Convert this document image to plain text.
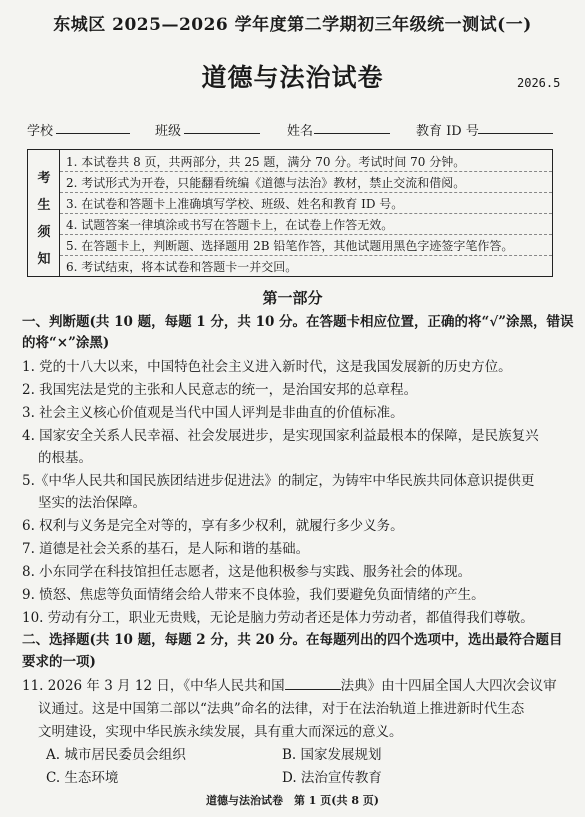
东城区 2025—2026 学年度第二学期初三年级统一测试(一)
道德与法治试卷	2026.5
学校	班级	姓名	教育 ID 号
考
生
须
知
1. 本试卷共 8 页，共两部分，共 25 题，满分 70 分。考试时间 70 分钟。
2. 考试形式为开卷，只能翻看统编《道德与法治》教材，禁止交流和借阅。
3. 在试卷和答题卡上准确填写学校、班级、姓名和教育 ID 号。
4. 试题答案一律填涂或书写在答题卡上，在试卷上作答无效。
5. 在答题卡上，判断题、选择题用 2B 铅笔作答，其他试题用黑色字迹签字笔作答。
6. 考试结束，将本试卷和答题卡一并交回。
第一部分
一、判断题(共 10 题，每题 1 分，共 10 分。在答题卡相应位置，正确的将“√”涂黑，错误
的将“×”涂黑)
1. 党的十八大以来，中国特色社会主义进入新时代，这是我国发展新的历史方位。
2. 我国宪法是党的主张和人民意志的统一，是治国安邦的总章程。
3. 社会主义核心价值观是当代中国人评判是非曲直的价值标准。
4. 国家安全关系人民幸福、社会发展进步，是实现国家利益最根本的保障，是民族复兴
的根基。
5.《中华人民共和国民族团结进步促进法》的制定，为铸牢中华民族共同体意识提供更
坚实的法治保障。
6. 权利与义务是完全对等的，享有多少权利，就履行多少义务。
7. 道德是社会关系的基石，是人际和谐的基础。
8. 小东同学在科技馆担任志愿者，这是他积极参与实践、服务社会的体现。
9. 愤怒、焦虑等负面情绪会给人带来不良体验，我们要避免负面情绪的产生。
10. 劳动有分工，职业无贵贱，无论是脑力劳动者还是体力劳动者，都值得我们尊敬。
二、选择题(共 10 题，每题 2 分，共 20 分。在每题列出的四个选项中，选出最符合题目
要求的一项)
11. 2026 年 3 月 12 日，《中华人民共和国	法典》由十四届全国人大四次会议审
议通过。这是中国第二部以“法典”命名的法律，对于在法治轨道上推进新时代生态
文明建设，实现中华民族永续发展，具有重大而深远的意义。
A. 城市居民委员会组织	B. 国家发展规划
C. 生态环境	D. 法治宣传教育
道德与法治试卷　第 1 页(共 8 页)
